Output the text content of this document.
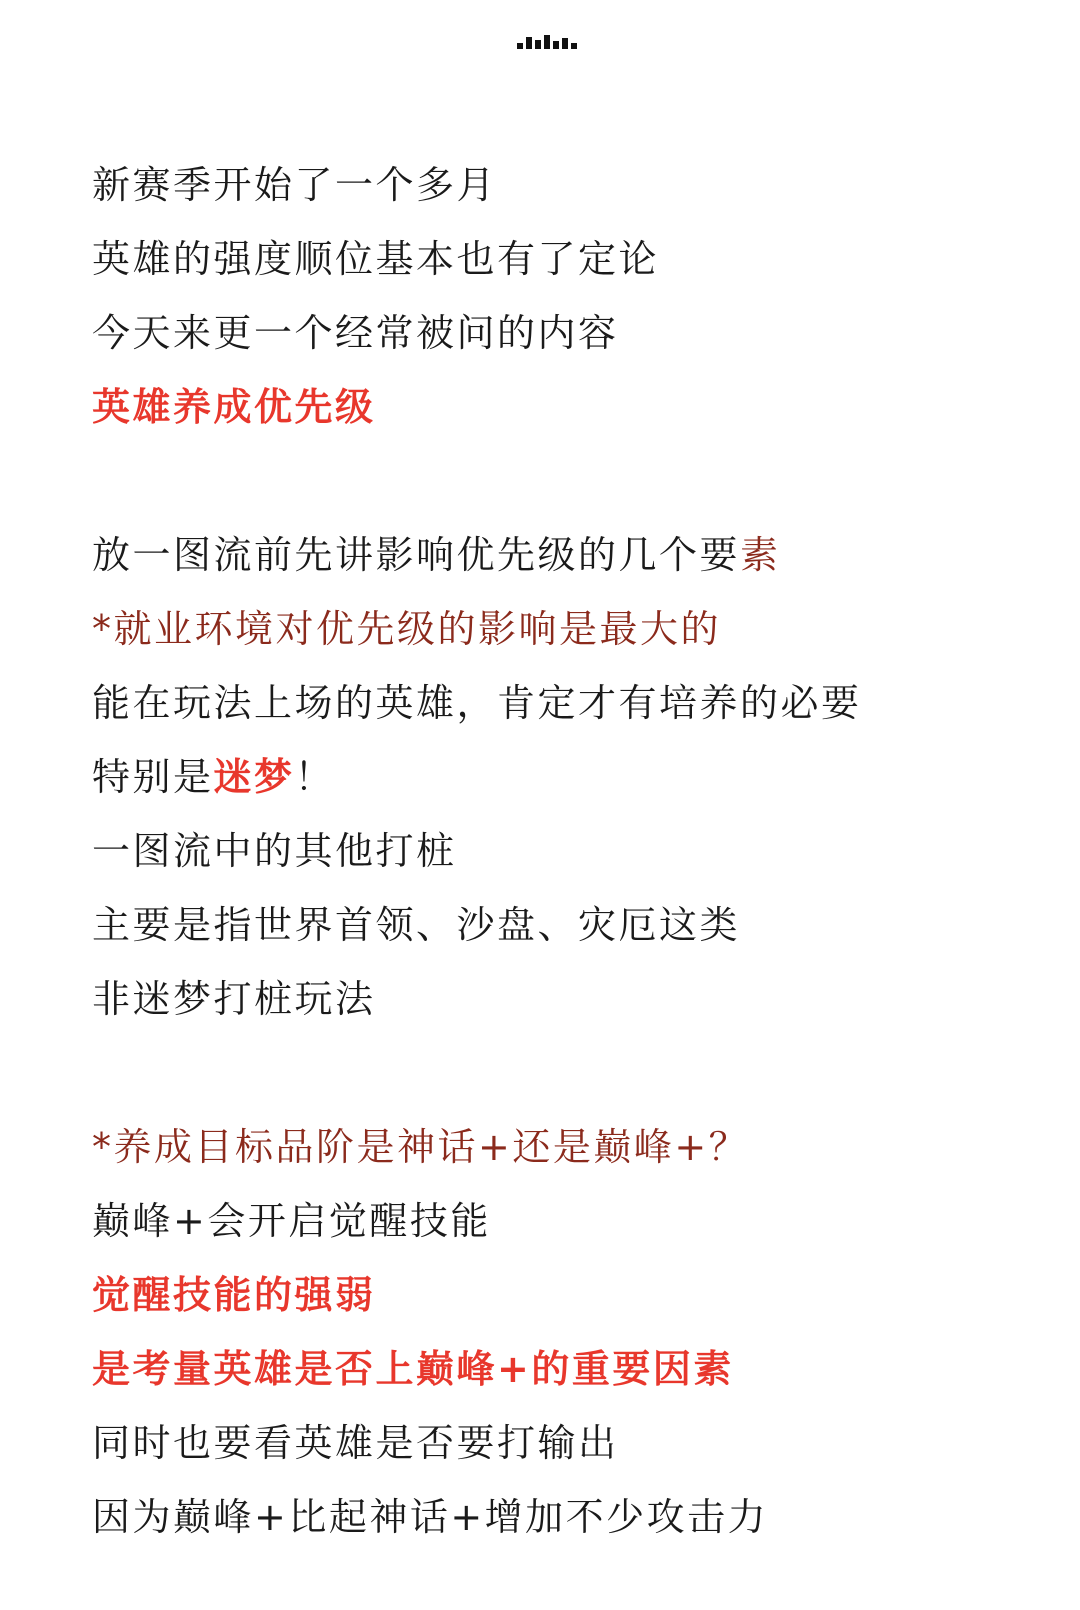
新赛季开始了一个多月
英雄的强度顺位基本也有了定论
今天来更一个经常被问的内容
英雄养成优先级
放一图流前先讲影响优先级的几个要素
*就业环境对优先级的影响是最大的
能在玩法上场的英雄，肯定才有培养的必要
特别是迷梦！
一图流中的其他打桩
主要是指世界首领、沙盘、灾厄这类
非迷梦打桩玩法
*养成目标品阶是神话+还是巅峰+？
巅峰+会开启觉醒技能
觉醒技能的强弱
是考量英雄是否上巅峰+的重要因素
同时也要看英雄是否要打输出
因为巅峰+比起神话+增加不少攻击力
